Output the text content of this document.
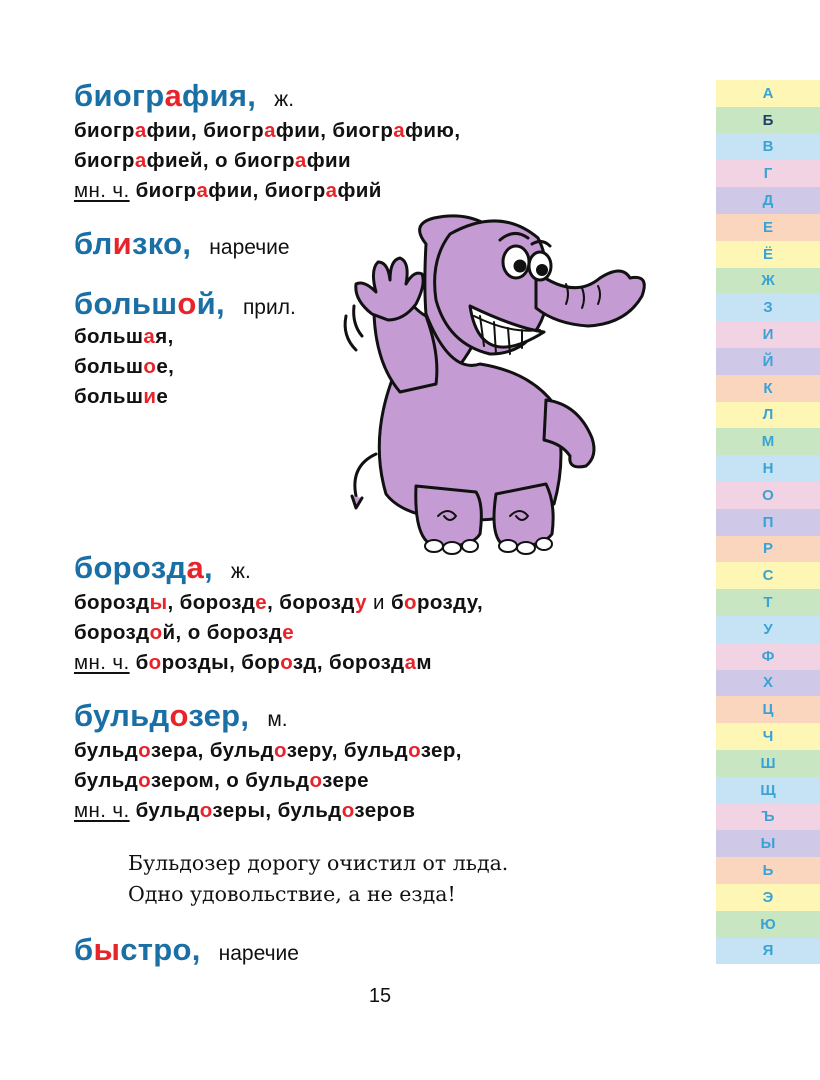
биография, ж.
биографии, биографии, биографию,
биографией, о биографии
мн. ч. биографии, биографий
близко, наречие
большой, прил.
большая,
большое,
большие
борозда, ж.
борозды, борозде, борозду и борозду,
бороздой, о борозде
мн. ч. борозды, борозд, бороздам
бульдозер, м.
бульдозера, бульдозеру, бульдозер,
бульдозером, о бульдозере
мн. ч. бульдозеры, бульдозеров
Бульдозер дорогу очистил от льда.
Одно удовольствие, а не езда!
быстро, наречие
15
А
Б
В
Г
Д
Е
Ё
Ж
З
И
Й
К
Л
М
Н
О
П
Р
С
Т
У
Ф
Х
Ц
Ч
Ш
Щ
Ъ
Ы
Ь
Э
Ю
Я
